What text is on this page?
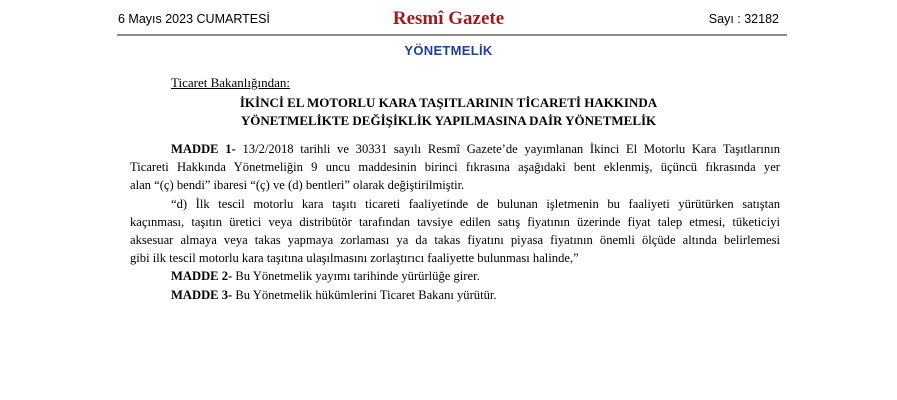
6 Mayıs 2023 CUMARTESİ	Resmî Gazete	Sayı : 32182
YÖNETMELİK
Ticaret Bakanlığından:
İKİNCİ EL MOTORLU KARA TAŞITLARININ TİCARETİ HAKKINDA
YÖNETMELİKTE DEĞİŞİKLİK YAPILMASINA DAİR YÖNETMELİK
MADDE 1- 13/2/2018 tarihli ve 30331 sayılı Resmî Gazete’de yayımlanan İkinci El Motorlu Kara Taşıtlarının
Ticareti Hakkında Yönetmeliğin 9 uncu maddesinin birinci fıkrasına aşağıdaki bent eklenmiş, üçüncü fıkrasında yer
alan “(ç) bendi” ibaresi “(ç) ve (d) bentleri” olarak değiştirilmiştir.
“d) İlk tescil motorlu kara taşıtı ticareti faaliyetinde de bulunan işletmenin bu faaliyeti yürütürken satıştan
kaçınması, taşıtın üretici veya distribütör tarafından tavsiye edilen satış fiyatının üzerinde fiyat talep etmesi, tüketiciyi
aksesuar almaya veya takas yapmaya zorlaması ya da takas fiyatını piyasa fiyatının önemli ölçüde altında belirlemesi
gibi ilk tescil motorlu kara taşıtına ulaşılmasını zorlaştırıcı faaliyette bulunması halinde,”
MADDE 2- Bu Yönetmelik yayımı tarihinde yürürlüğe girer.
MADDE 3- Bu Yönetmelik hükümlerini Ticaret Bakanı yürütür.
